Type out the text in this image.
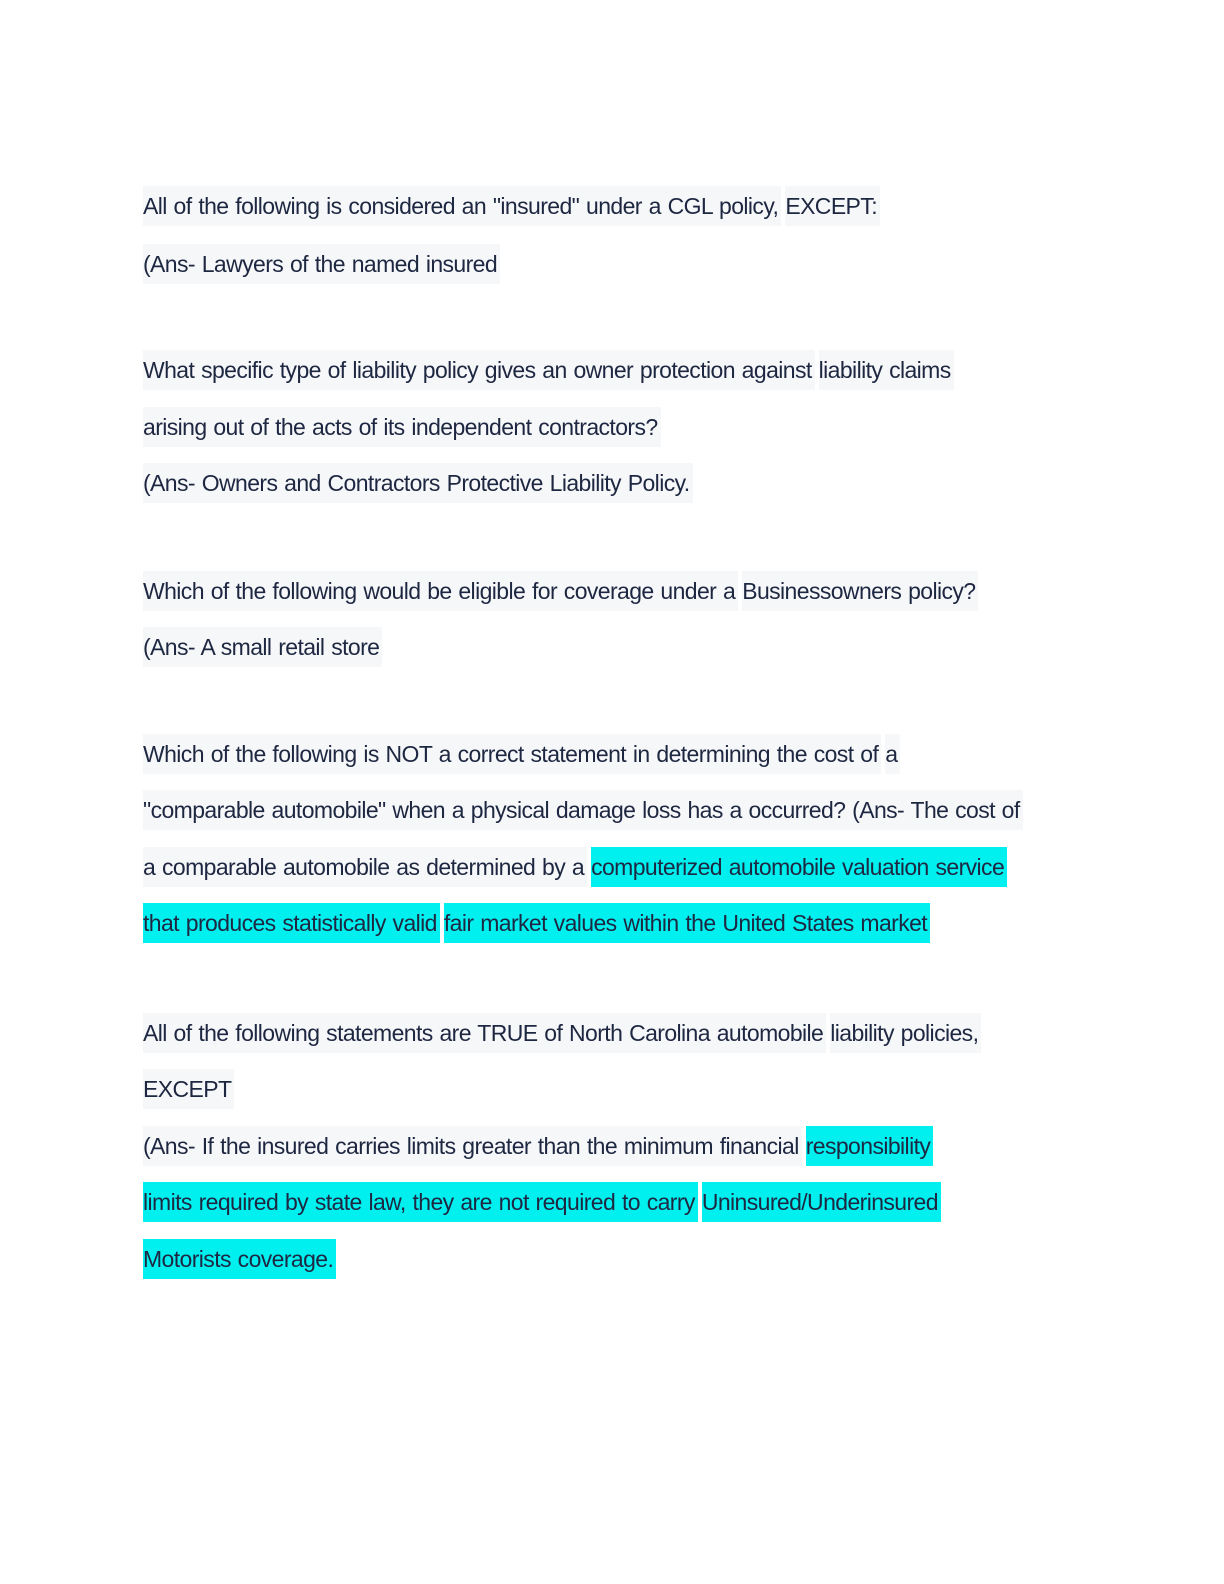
All of the following is considered an "insured" under a CGL policy, EXCEPT:
(Ans- Lawyers of the named insured
What specific type of liability policy gives an owner protection against liability claims
arising out of the acts of its independent contractors?
(Ans- Owners and Contractors Protective Liability Policy.
Which of the following would be eligible for coverage under a Businessowners policy?
(Ans- A small retail store
Which of the following is NOT a correct statement in determining the cost of a
"comparable automobile" when a physical damage loss has a occurred? (Ans- The cost of
a comparable automobile as determined by a computerized automobile valuation service
that produces statistically valid fair market values within the United States market
All of the following statements are TRUE of North Carolina automobile liability policies,
EXCEPT
(Ans- If the insured carries limits greater than the minimum financial responsibility
limits required by state law, they are not required to carry Uninsured/Underinsured
Motorists coverage.
